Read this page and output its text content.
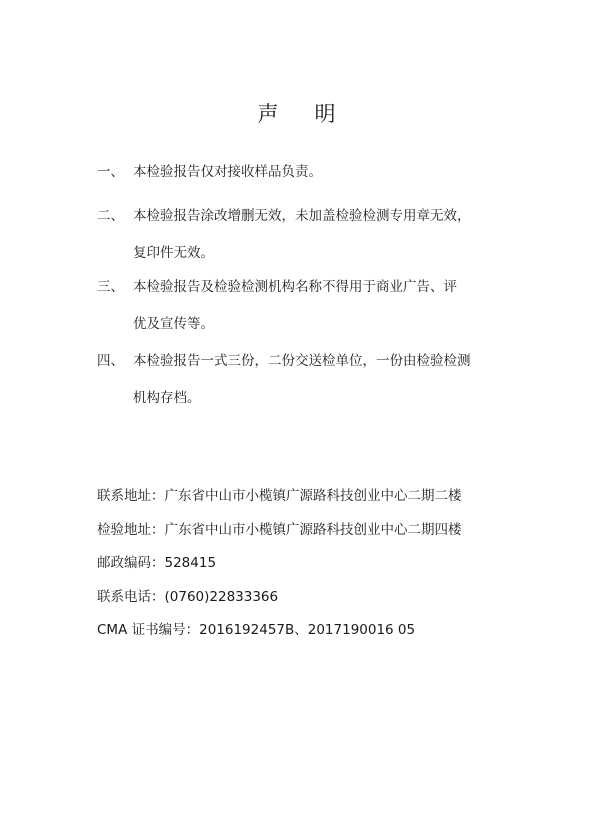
声 明
一、 本检验报告仅对接收样品负责。
二、 本检验报告涂改增删无效，未加盖检验检测专用章无效，
复印件无效。
三、 本检验报告及检验检测机构名称不得用于商业广告、评
优及宣传等。
四、 本检验报告一式三份，二份交送检单位，一份由检验检测
机构存档。
联系地址：广东省中山市小榄镇广源路科技创业中心二期二楼
检验地址：广东省中山市小榄镇广源路科技创业中心二期四楼
邮政编码：528415
联系电话：(0760)22833366
CMA 证书编号：2016192457B、2017190016 05
